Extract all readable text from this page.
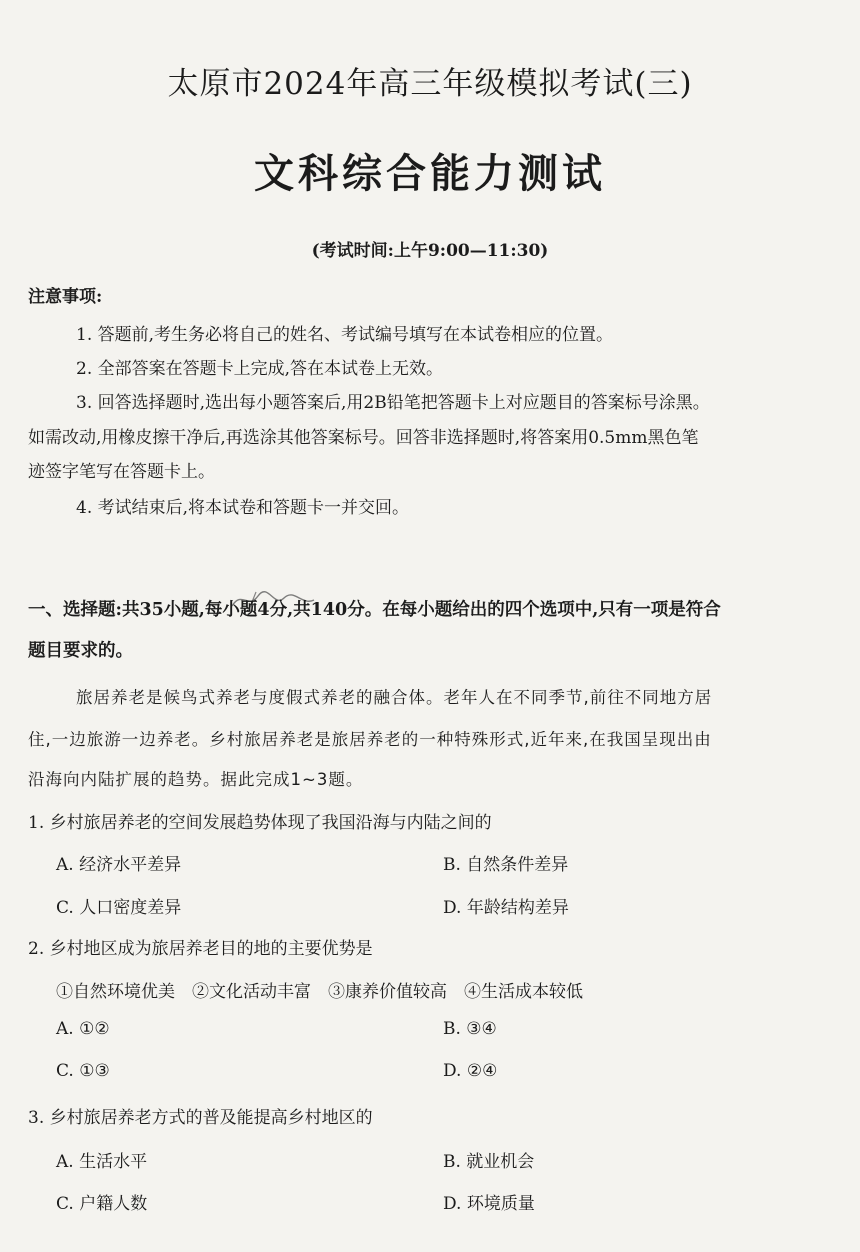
太原市2024年高三年级模拟考试(三)
文科综合能力测试
(考试时间:上午9:00—11:30)
注意事项:
1. 答题前,考生务必将自己的姓名、考试编号填写在本试卷相应的位置。
2. 全部答案在答题卡上完成,答在本试卷上无效。
3. 回答选择题时,选出每小题答案后,用2B铅笔把答题卡上对应题目的答案标号涂黑。
如需改动,用橡皮擦干净后,再选涂其他答案标号。回答非选择题时,将答案用0.5mm黑色笔
迹签字笔写在答题卡上。
4. 考试结束后,将本试卷和答题卡一并交回。
一、选择题:共35小题,每小题4分,共140分。在每小题给出的四个选项中,只有一项是符合
题目要求的。
旅居养老是候鸟式养老与度假式养老的融合体。老年人在不同季节,前往不同地方居
住,一边旅游一边养老。乡村旅居养老是旅居养老的一种特殊形式,近年来,在我国呈现出由
沿海向内陆扩展的趋势。据此完成1~3题。
1. 乡村旅居养老的空间发展趋势体现了我国沿海与内陆之间的
A. 经济水平差异	B. 自然条件差异
C. 人口密度差异	D. 年龄结构差异
2. 乡村地区成为旅居养老目的地的主要优势是
①自然环境优美　②文化活动丰富　③康养价值较高　④生活成本较低
A. ①②	B. ③④
C. ①③	D. ②④
3. 乡村旅居养老方式的普及能提高乡村地区的
A. 生活水平	B. 就业机会
C. 户籍人数	D. 环境质量
